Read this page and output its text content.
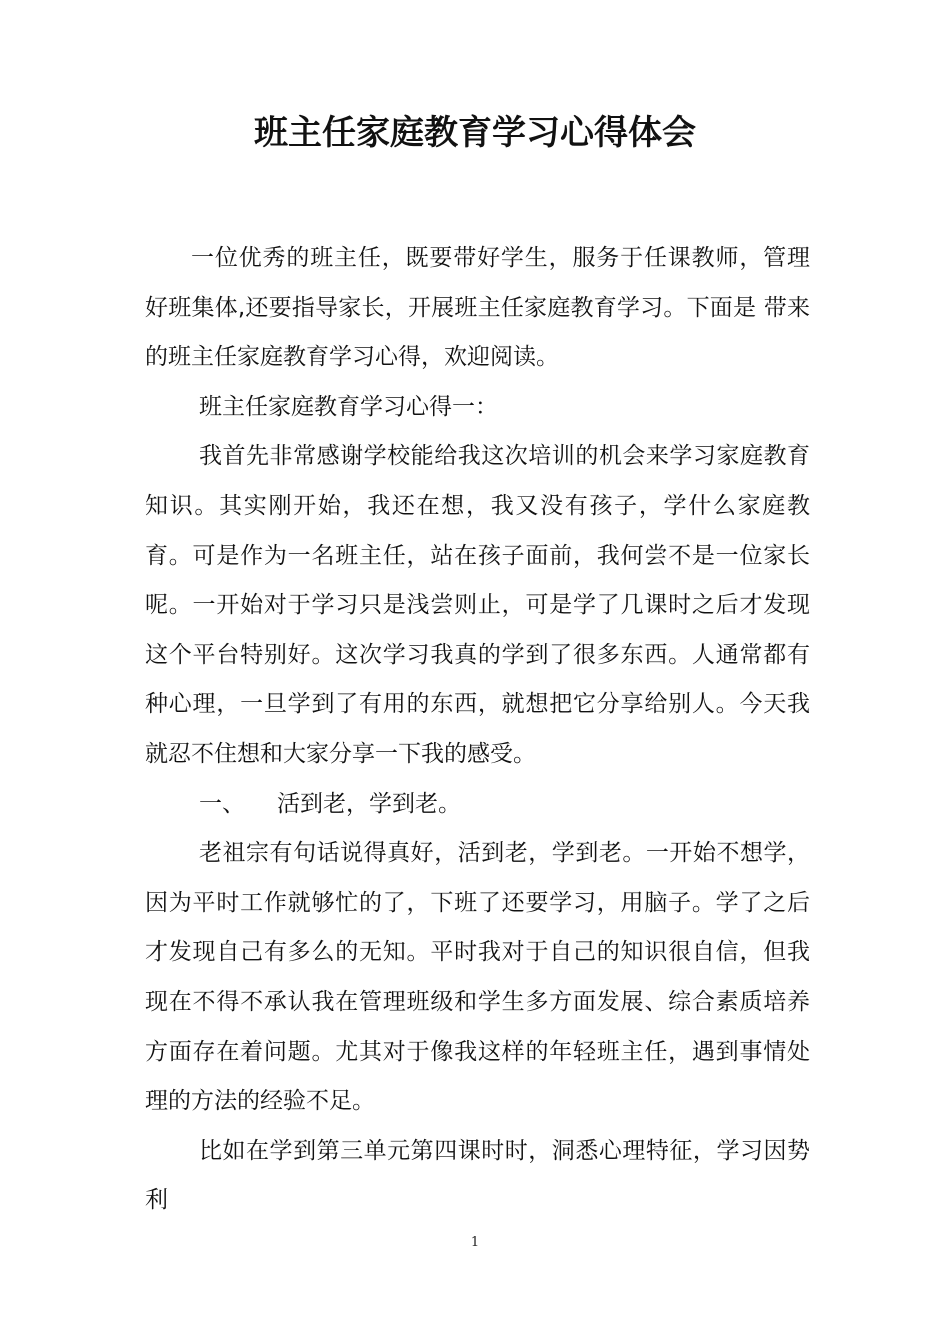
班主任家庭教育学习心得体会

一位优秀的班主任，既要带好学生，服务于任课教师，管理好班集体,还要指导家长，开展班主任家庭教育学习。下面是 带来的班主任家庭教育学习心得，欢迎阅读。

班主任家庭教育学习心得一：

我首先非常感谢学校能给我这次培训的机会来学习家庭教育知识。其实刚开始，我还在想，我又没有孩子，学什么家庭教育。可是作为一名班主任，站在孩子面前，我何尝不是一位家长呢。一开始对于学习只是浅尝则止，可是学了几课时之后才发现这个平台特别好。这次学习我真的学到了很多东西。人通常都有种心理，一旦学到了有用的东西，就想把它分享给别人。今天我就忍不住想和大家分享一下我的感受。

一、 活到老，学到老。

老祖宗有句话说得真好，活到老，学到老。一开始不想学，因为平时工作就够忙的了，下班了还要学习，用脑子。学了之后才发现自己有多么的无知。平时我对于自己的知识很自信，但我现在不得不承认我在管理班级和学生多方面发展、综合素质培养方面存在着问题。尤其对于像我这样的年轻班主任，遇到事情处理的方法的经验不足。

比如在学到第三单元第四课时时，洞悉心理特征，学习因势利

1
